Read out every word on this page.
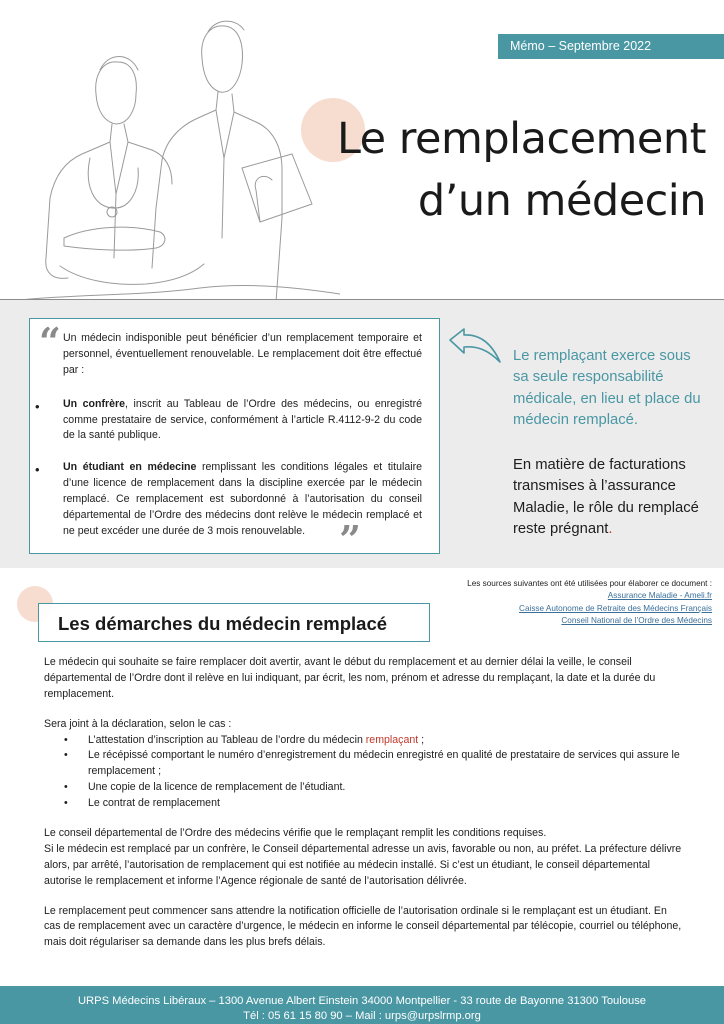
Mémo – Septembre 2022
Le remplacement
d’un médecin
“ Un médecin indisponible peut bénéficier d’un remplacement temporaire et personnel, éventuellement renouvelable. Le remplacement doit être effectué par :

• Un confrère, inscrit au Tableau de l’Ordre des médecins, ou enregistré comme prestataire de service, conformément à l’article R.4112-9-2 du code de la santé publique.
• Un étudiant en médecine remplissant les conditions légales et titulaire d’une licence de remplacement dans la discipline exercée par le médecin remplacé. Ce remplacement est subordonné à l’autorisation du conseil départemental de l’Ordre des médecins dont relève le médecin remplacé et ne peut excéder une durée de 3 mois renouvelable. ”

Le remplaçant exerce sous sa seule responsabilité médicale, en lieu et place du médecin remplacé.

En matière de facturations transmises à l’assurance Maladie, le rôle du remplacé reste prégnant.

Les sources suivantes ont été utilisées pour élaborer ce document :
Assurance Maladie - Ameli.fr
Caisse Autonome de Retraite des Médecins Français
Conseil National de l’Ordre des Médecins
Les démarches du médecin remplacé

Le médecin qui souhaite se faire remplacer doit avertir, avant le début du remplacement et au dernier délai la veille, le conseil départemental de l’Ordre dont il relève en lui indiquant, par écrit, les nom, prénom et adresse du remplaçant, la date et la durée du remplacement.

Sera joint à la déclaration, selon le cas :

• L’attestation d’inscription au Tableau de l’ordre du médecin remplaçant ;
• Le récépissé comportant le numéro d’enregistrement du médecin enregistré en qualité de prestataire de services qui assure le remplacement ;
• Une copie de la licence de remplacement de l’étudiant.
• Le contrat de remplacement

Le conseil départemental de l’Ordre des médecins vérifie que le remplaçant remplit les conditions requises.

Si le médecin est remplacé par un confrère, le Conseil départemental adresse un avis, favorable ou non, au préfet. La préfecture délivre alors, par arrêté, l’autorisation de remplacement qui est notifiée au médecin installé. Si c’est un étudiant, le conseil départemental autorise le remplacement et informe l’Agence régionale de santé de l’autorisation délivrée.

Le remplacement peut commencer sans attendre la notification officielle de l’autorisation ordinale si le remplaçant est un étudiant. En cas de remplacement avec un caractère d’urgence, le médecin en informe le conseil départemental par télécopie, courriel ou téléphone, mais doit régulariser sa demande dans les plus brefs délais.

URPS Médecins Libéraux – 1300 Avenue Albert Einstein 34000 Montpellier - 33 route de Bayonne 31300 Toulouse
Tél : 05 61 15 80 90 – Mail : urps@urpslrmp.org
